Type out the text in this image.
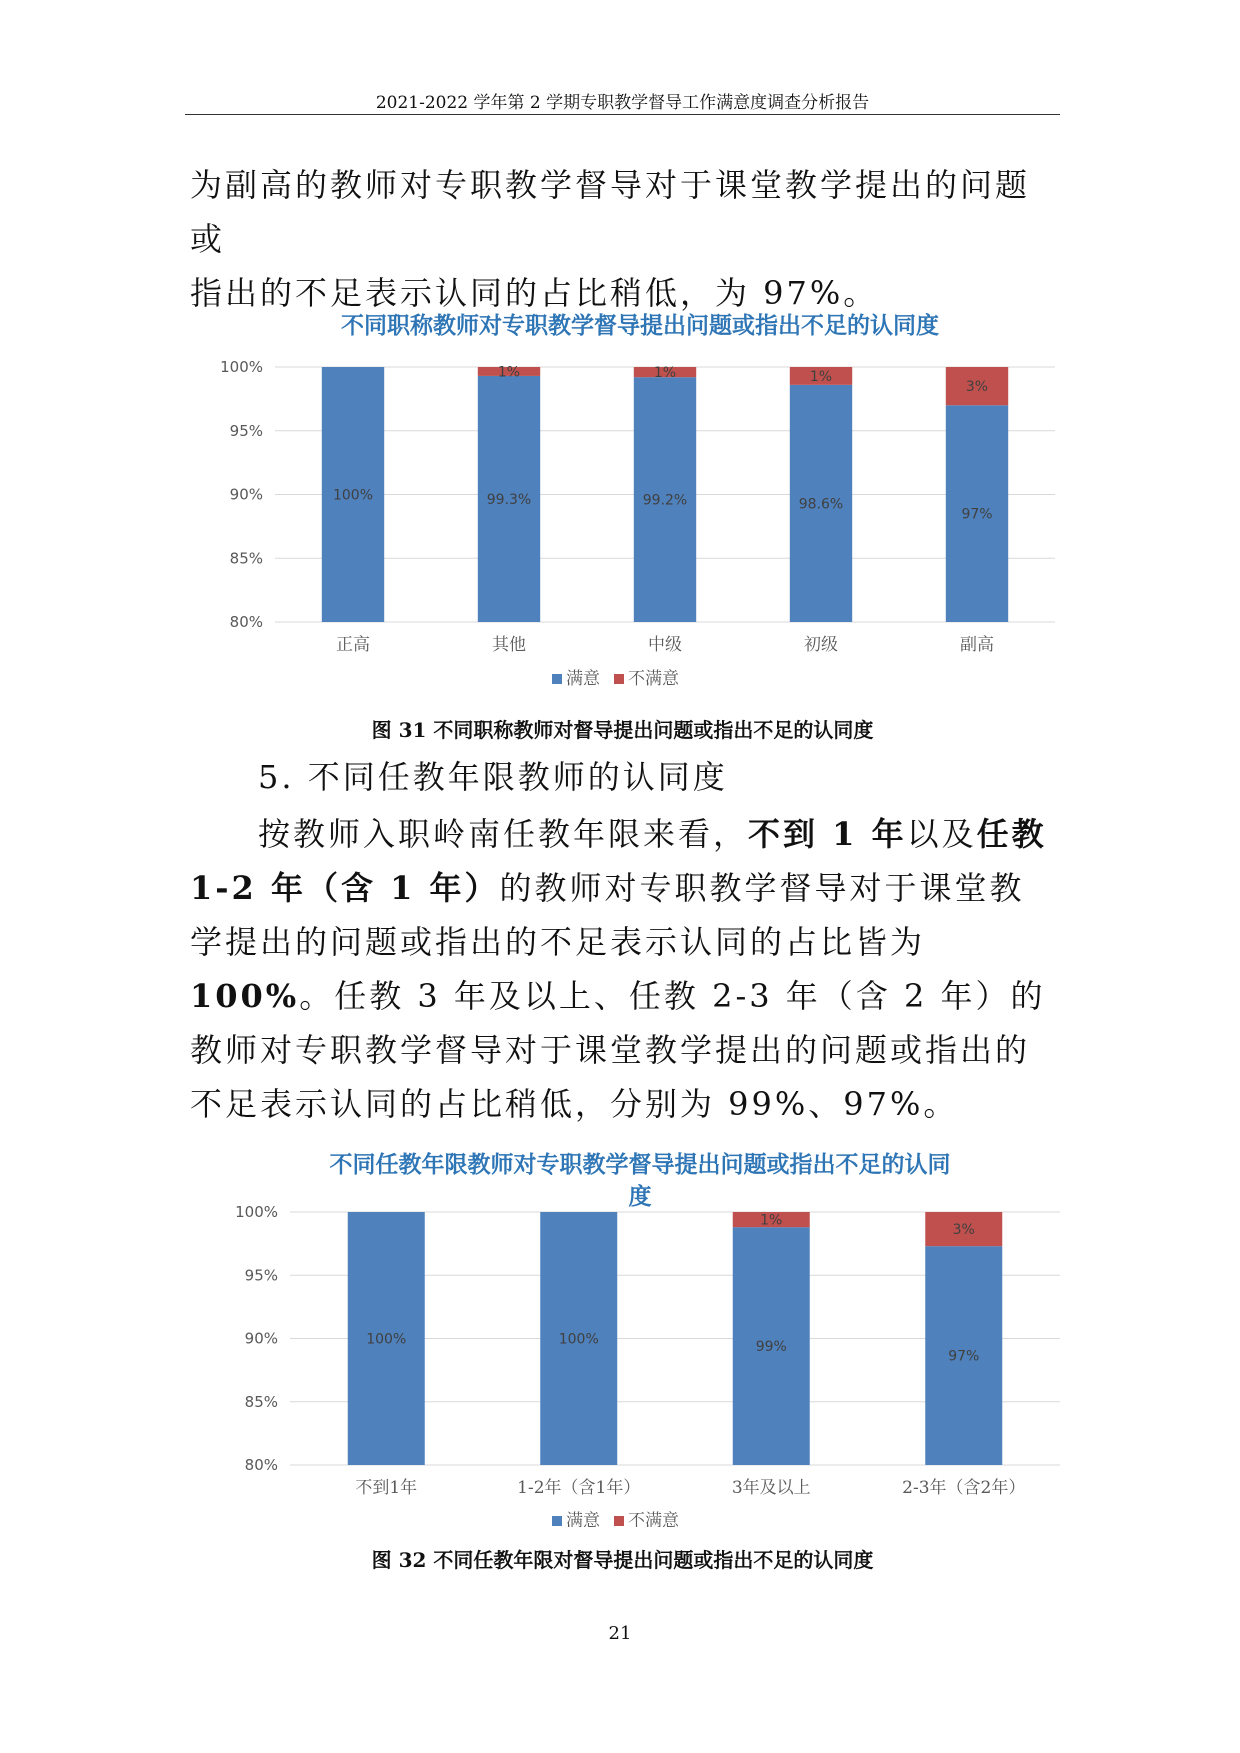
2021-2022 学年第 2 学期专职教学督导工作满意度调查分析报告

为副高的教师对专职教学督导对于课堂教学提出的问题或
指出的不足表示认同的占比稍低，为 97%。

不同职称教师对专职教学督导提出问题或指出不足的认同度
80%
85%
90%
95%
100%
100%
正高
1%
99.3%
其他
1%
99.2%
中级
1%
98.6%
初级
3%
97%
副高
满意 不满意
图 31 不同职称教师对督导提出问题或指出不足的认同度
5. 不同任教年限教师的认同度

按教师入职岭南任教年限来看，不到 1 年以及任教 1-2 年（含 1 年）的教师对专职教学督导对于课堂教学提出的问题或指出的不足表示认同的占比皆为 100%。任教 3 年及以上、任教 2-3 年（含 2 年）的教师对专职教学督导对于课堂教学提出的问题或指出的不足表示认同的占比稍低，分别为 99%、97%。

不同任教年限教师对专职教学督导提出问题或指出不足的认同
度
80%
85%
90%
95%
100%
100%
不到1年
100%
1-2年（含1年）
1%
99%
3年及以上
3%
97%
2-3年（含2年）
满意 不满意
图 32 不同任教年限对督导提出问题或指出不足的认同度
21
